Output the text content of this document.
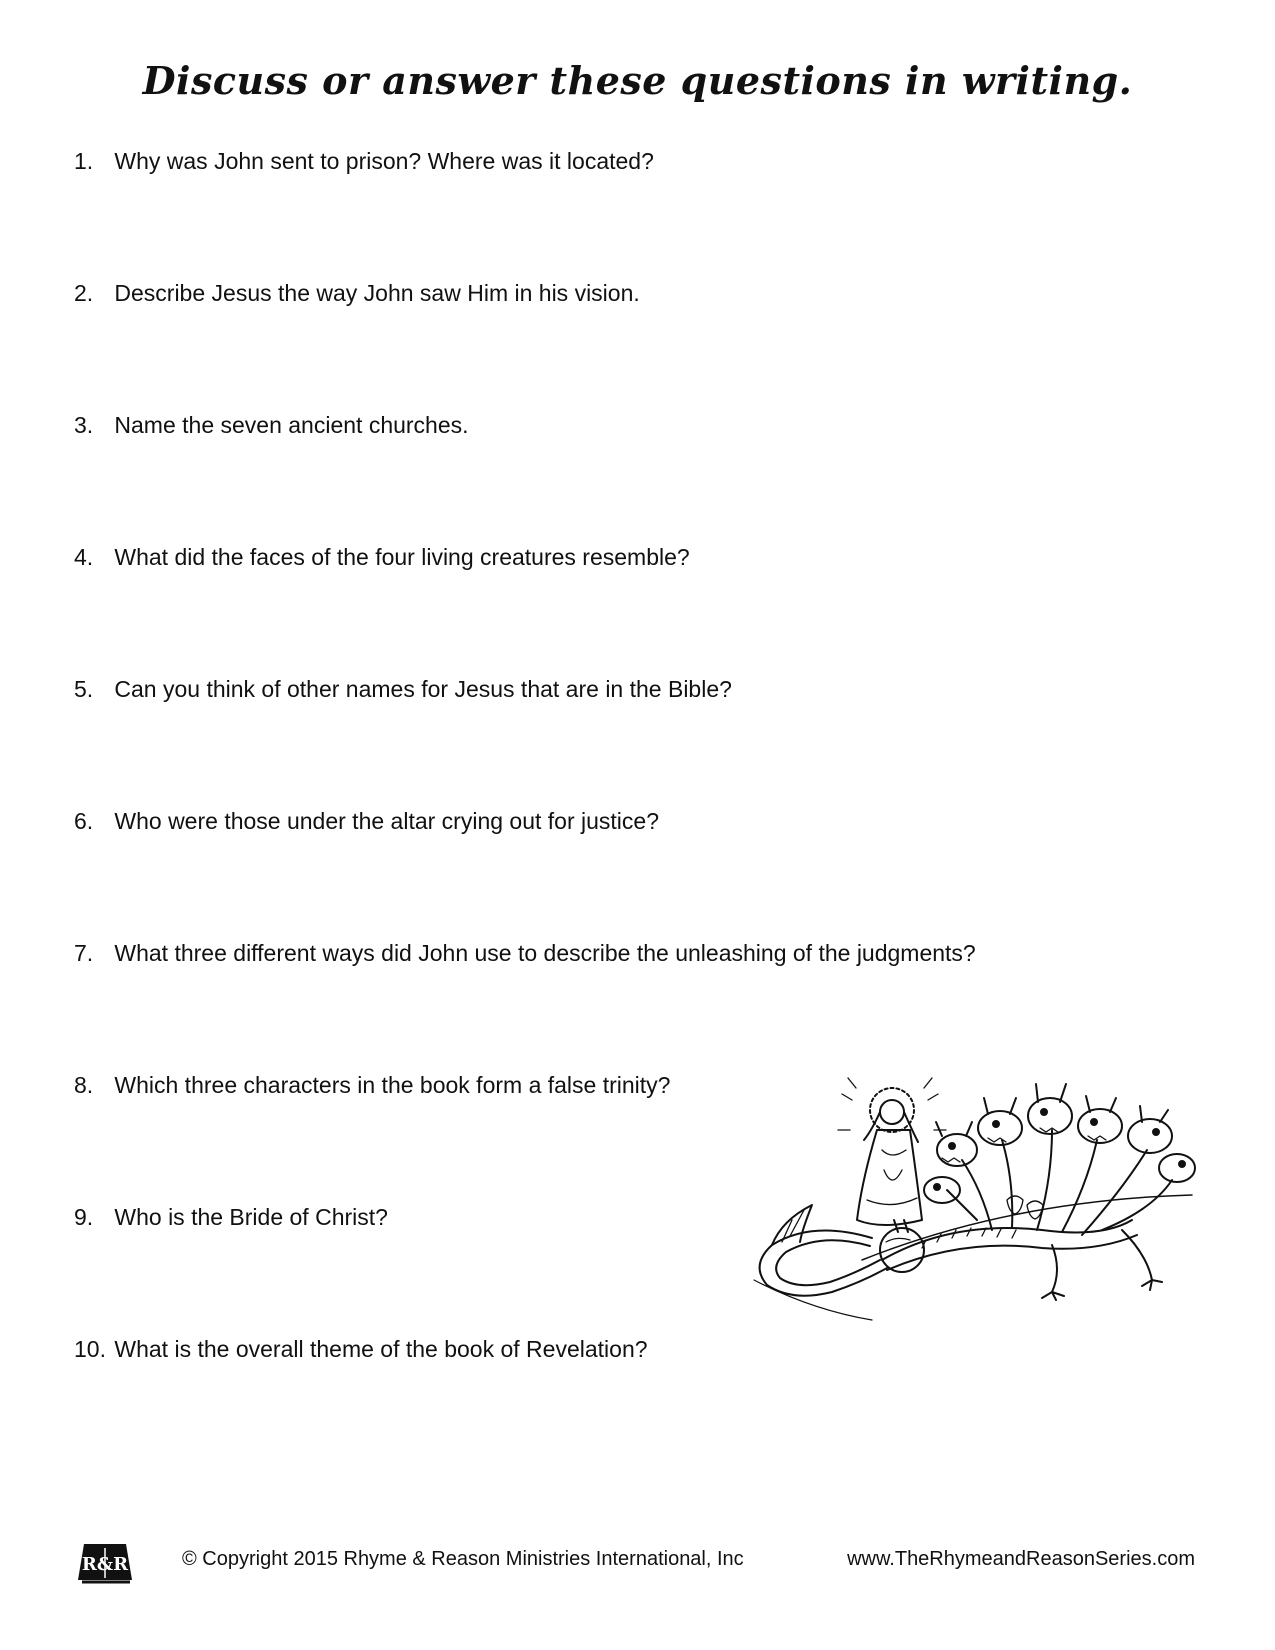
Discuss or answer these questions in writing.
1. Why was John sent to prison? Where was it located?
2. Describe Jesus the way John saw Him in his vision.
3. Name the seven ancient churches.
4. What did the faces of the four living creatures resemble?
5. Can you think of other names for Jesus that are in the Bible?
6. Who were those under the altar crying out for justice?
7. What three different ways did John use to describe the unleashing of the judgments?
8. Which three characters in the book form a false trinity?
9. Who is the Bride of Christ?
10. What is the overall theme of the book of Revelation?
R&R	© Copyright 2015 Rhyme & Reason Ministries International, Inc	www.TheRhymeandReasonSeries.com
